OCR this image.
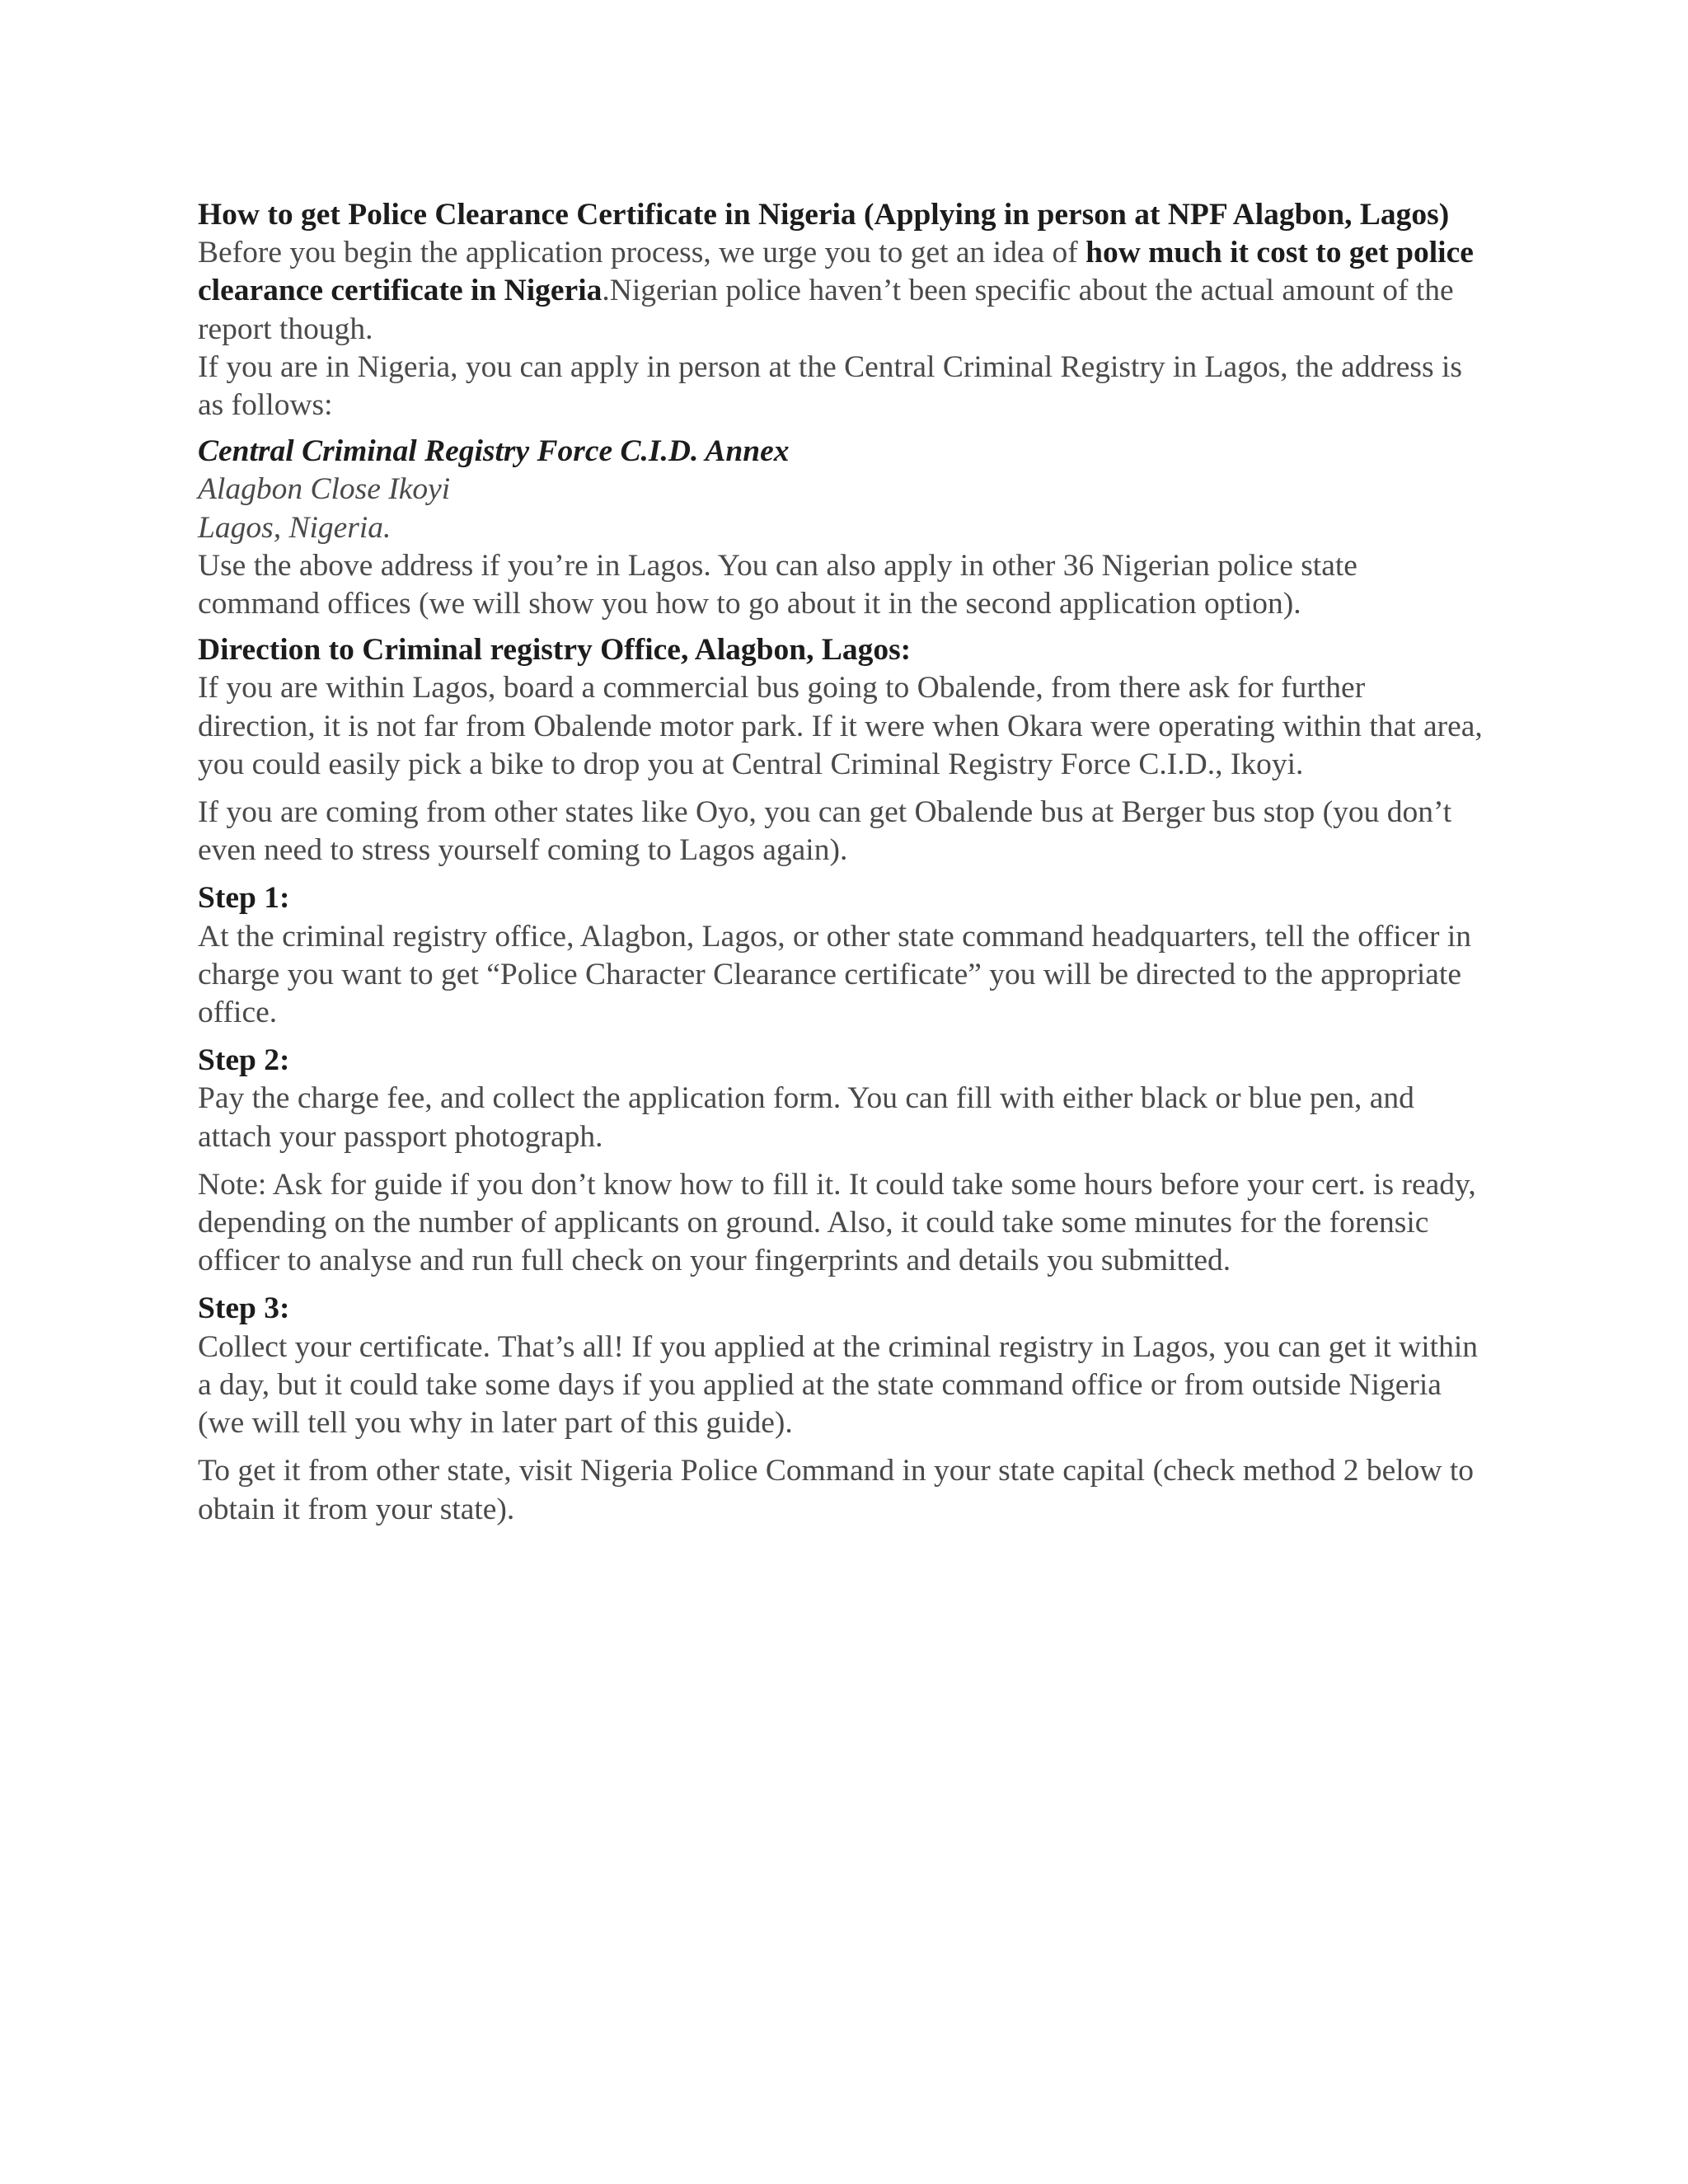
How to get Police Clearance Certificate in Nigeria (Applying in person at NPF Alagbon, Lagos)

Before you begin the application process, we urge you to get an idea of how much it cost to get police clearance certificate in Nigeria.Nigerian police haven’t been specific about the actual amount of the report though.

If you are in Nigeria, you can apply in person at the Central Criminal Registry in Lagos, the address is as follows:

Central Criminal Registry Force C.I.D. Annex

Alagbon Close Ikoyi

Lagos, Nigeria.

Use the above address if you’re in Lagos. You can also apply in other 36 Nigerian police state command offices (we will show you how to go about it in the second application option).

Direction to Criminal registry Office, Alagbon, Lagos:

If you are within Lagos, board a commercial bus going to Obalende, from there ask for further direction, it is not far from Obalende motor park. If it were when Okara were operating within that area, you could easily pick a bike to drop you at Central Criminal Registry Force C.I.D., Ikoyi.

If you are coming from other states like Oyo, you can get Obalende bus at Berger bus stop (you don’t even need to stress yourself coming to Lagos again).

Step 1:

At the criminal registry office, Alagbon, Lagos, or other state command headquarters, tell the officer in charge you want to get “Police Character Clearance certificate” you will be directed to the appropriate office.

Step 2:

Pay the charge fee, and collect the application form. You can fill with either black or blue pen, and attach your passport photograph.

Note: Ask for guide if you don’t know how to fill it. It could take some hours before your cert. is ready, depending on the number of applicants on ground. Also, it could take some minutes for the forensic officer to analyse and run full check on your fingerprints and details you submitted.

Step 3:

Collect your certificate. That’s all! If you applied at the criminal registry in Lagos, you can get it within a day, but it could take some days if you applied at the state command office or from outside Nigeria (we will tell you why in later part of this guide).

To get it from other state, visit Nigeria Police Command in your state capital (check method 2 below to obtain it from your state).
